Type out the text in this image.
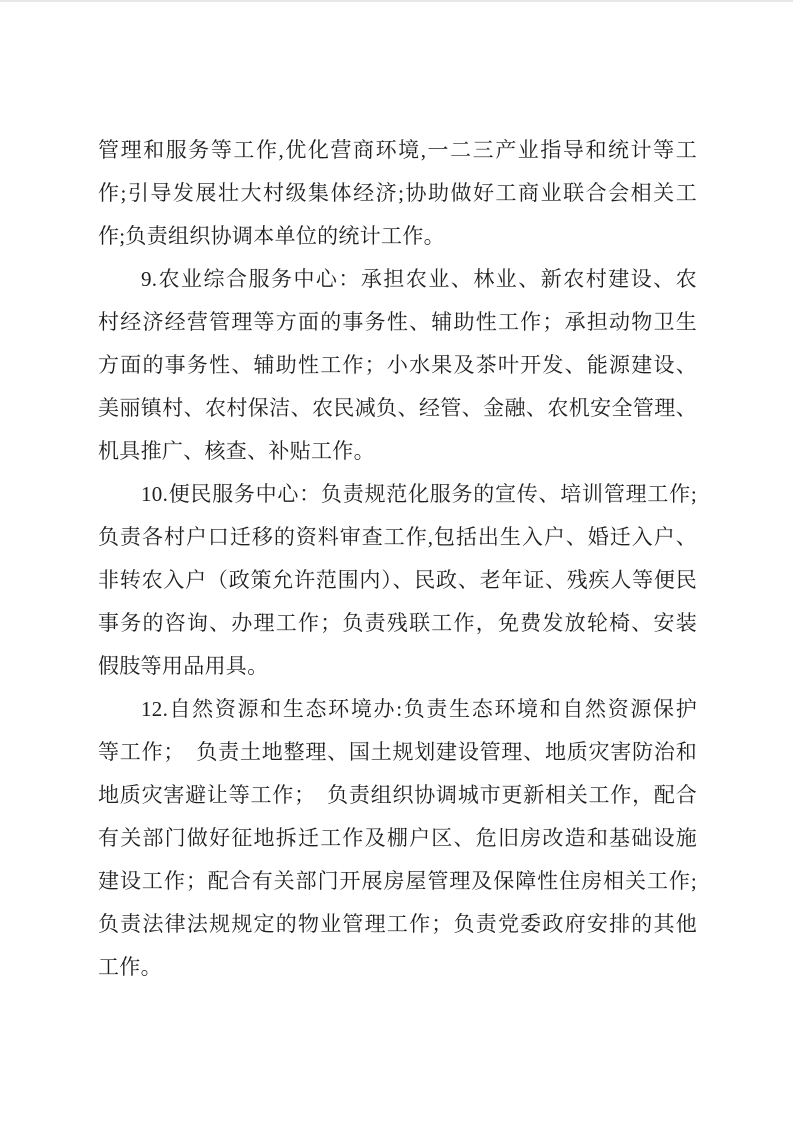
管理和服务等工作,优化营商环境,一二三产业指导和统计等工
作;引导发展壮大村级集体经济;协助做好工商业联合会相关工
作;负责组织协调本单位的统计工作。
9.农业综合服务中心：承担农业、林业、新农村建设、农
村经济经营管理等方面的事务性、辅助性工作；承担动物卫生
方面的事务性、辅助性工作；小水果及茶叶开发、能源建设、
美丽镇村、农村保洁、农民减负、经管、金融、农机安全管理、
机具推广、核查、补贴工作。
10.便民服务中心：负责规范化服务的宣传、培训管理工作;
负责各村户口迁移的资料审查工作,包括出生入户、婚迁入户、
非转农入户（政策允许范围内）、民政、老年证、残疾人等便民
事务的咨询、办理工作；负责残联工作，免费发放轮椅、安装
假肢等用品用具。
12.自然资源和生态环境办:负责生态环境和自然资源保护
等工作；　负责土地整理、国土规划建设管理、地质灾害防治和
地质灾害避让等工作；　负责组织协调城市更新相关工作，配合
有关部门做好征地拆迁工作及棚户区、危旧房改造和基础设施
建设工作；配合有关部门开展房屋管理及保障性住房相关工作;
负责法律法规规定的物业管理工作；负责党委政府安排的其他
工作。
